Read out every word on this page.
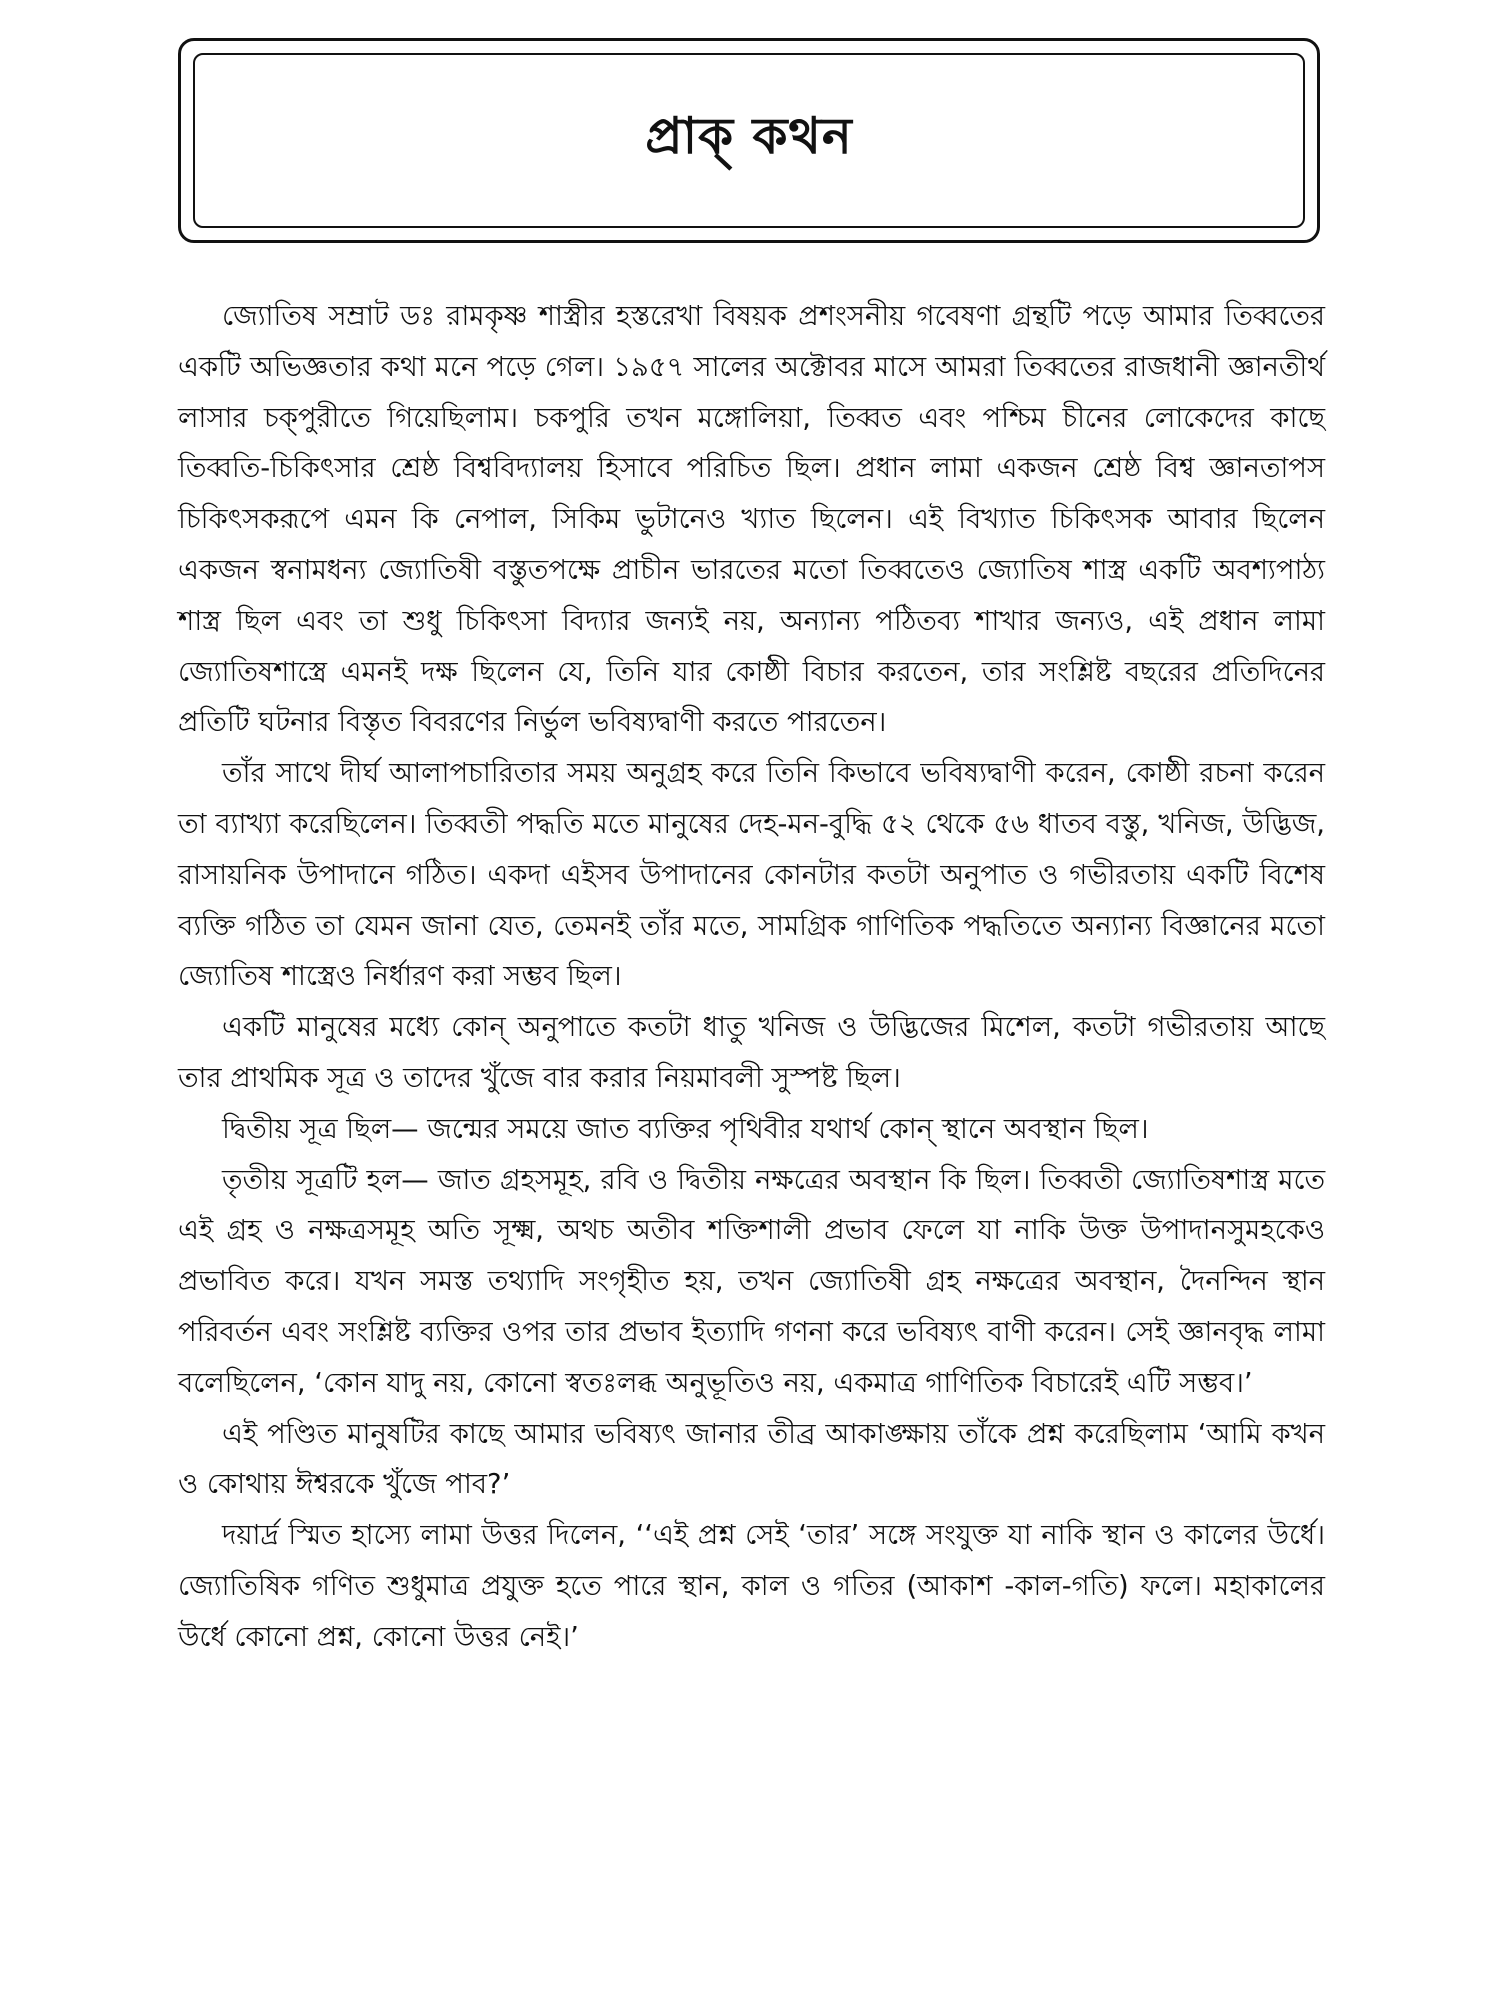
প্রাক্ কথন

জ্যোতিষ সম্রাট ডঃ রামকৃষ্ণ শাস্ত্রীর হস্তরেখা বিষয়ক প্রশংসনীয় গবেষণা গ্রন্থটি পড়ে আমার তিব্বতের একটি অভিজ্ঞতার কথা মনে পড়ে গেল। ১৯৫৭ সালের অক্টোবর মাসে আমরা তিব্বতের রাজধানী জ্ঞানতীর্থ লাসার চক্পুরীতে গিয়েছিলাম। চকপুরি তখন মঙ্গোলিয়া, তিব্বত এবং পশ্চিম চীনের লোকেদের কাছে তিব্বতি-চিকিৎসার শ্রেষ্ঠ বিশ্ববিদ্যালয় হিসাবে পরিচিত ছিল। প্রধান লামা একজন শ্রেষ্ঠ বিশ্ব জ্ঞানতাপস চিকিৎসকরূপে এমন কি নেপাল, সিকিম ভুটানেও খ্যাত ছিলেন। এই বিখ্যাত চিকিৎসক আবার ছিলেন একজন স্বনামধন্য জ্যোতিষী বস্তুতপক্ষে প্রাচীন ভারতের মতো তিব্বতেও জ্যোতিষ শাস্ত্র একটি অবশ্যপাঠ্য শাস্ত্র ছিল এবং তা শুধু চিকিৎসা বিদ্যার জন্যই নয়, অন্যান্য পঠিতব্য শাখার জন্যও, এই প্রধান লামা জ্যোতিষশাস্ত্রে এমনই দক্ষ ছিলেন যে, তিনি যার কোষ্ঠী বিচার করতেন, তার সংশ্লিষ্ট বছরের প্রতিদিনের প্রতিটি ঘটনার বিস্তৃত বিবরণের নির্ভুল ভবিষ্যদ্বাণী করতে পারতেন।

তাঁর সাথে দীর্ঘ আলাপচারিতার সময় অনুগ্রহ করে তিনি কিভাবে ভবিষ্যদ্বাণী করেন, কোষ্ঠী রচনা করেন তা ব্যাখ্যা করেছিলেন। তিব্বতী পদ্ধতি মতে মানুষের দেহ-মন-বুদ্ধি ৫২ থেকে ৫৬ ধাতব বস্তু, খনিজ, উদ্ভিজ, রাসায়নিক উপাদানে গঠিত। একদা এইসব উপাদানের কোনটার কতটা অনুপাত ও গভীরতায় একটি বিশেষ ব্যক্তি গঠিত তা যেমন জানা যেত, তেমনই তাঁর মতে, সামগ্রিক গাণিতিক পদ্ধতিতে অন্যান্য বিজ্ঞানের মতো জ্যোতিষ শাস্ত্রেও নির্ধারণ করা সম্ভব ছিল।

একটি মানুষের মধ্যে কোন্ অনুপাতে কতটা ধাতু খনিজ ও উদ্ভিজের মিশেল, কতটা গভীরতায় আছে তার প্রাথমিক সূত্র ও তাদের খুঁজে বার করার নিয়মাবলী সুস্পষ্ট ছিল।

দ্বিতীয় সূত্র ছিল— জন্মের সময়ে জাত ব্যক্তির পৃথিবীর যথার্থ কোন্ স্থানে অবস্থান ছিল।

তৃতীয় সূত্রটি হল— জাত গ্রহসমূহ, রবি ও দ্বিতীয় নক্ষত্রের অবস্থান কি ছিল। তিব্বতী জ্যোতিষশাস্ত্র মতে এই গ্রহ ও নক্ষত্রসমূহ অতি সূক্ষ্ম, অথচ অতীব শক্তিশালী প্রভাব ফেলে যা নাকি উক্ত উপাদানসুমহকেও প্রভাবিত করে। যখন সমস্ত তথ্যাদি সংগৃহীত হয়, তখন জ্যোতিষী গ্রহ নক্ষত্রের অবস্থান, দৈনন্দিন স্থান পরিবর্তন এবং সংশ্লিষ্ট ব্যক্তির ওপর তার প্রভাব ইত্যাদি গণনা করে ভবিষ্যৎ বাণী করেন। সেই জ্ঞানবৃদ্ধ লামা বলেছিলেন, ‘কোন যাদু নয়, কোনো স্বতঃলব্ধ অনুভূতিও নয়, একমাত্র গাণিতিক বিচারেই এটি সম্ভব।’

এই পণ্ডিত মানুষটির কাছে আমার ভবিষ্যৎ জানার তীব্র আকাঙ্ক্ষায় তাঁকে প্রশ্ন করেছিলাম ‘আমি কখন ও কোথায় ঈশ্বরকে খুঁজে পাব?’

দয়ার্দ্র স্মিত হাস্যে লামা উত্তর দিলেন, ‘‘এই প্রশ্ন সেই ‘তার’ সঙ্গে সংযুক্ত যা নাকি স্থান ও কালের উর্ধে। জ্যোতিষিক গণিত শুধুমাত্র প্রযুক্ত হতে পারে স্থান, কাল ও গতির (আকাশ -কাল-গতি) ফলে। মহাকালের উর্ধে কোনো প্রশ্ন, কোনো উত্তর নেই।’
